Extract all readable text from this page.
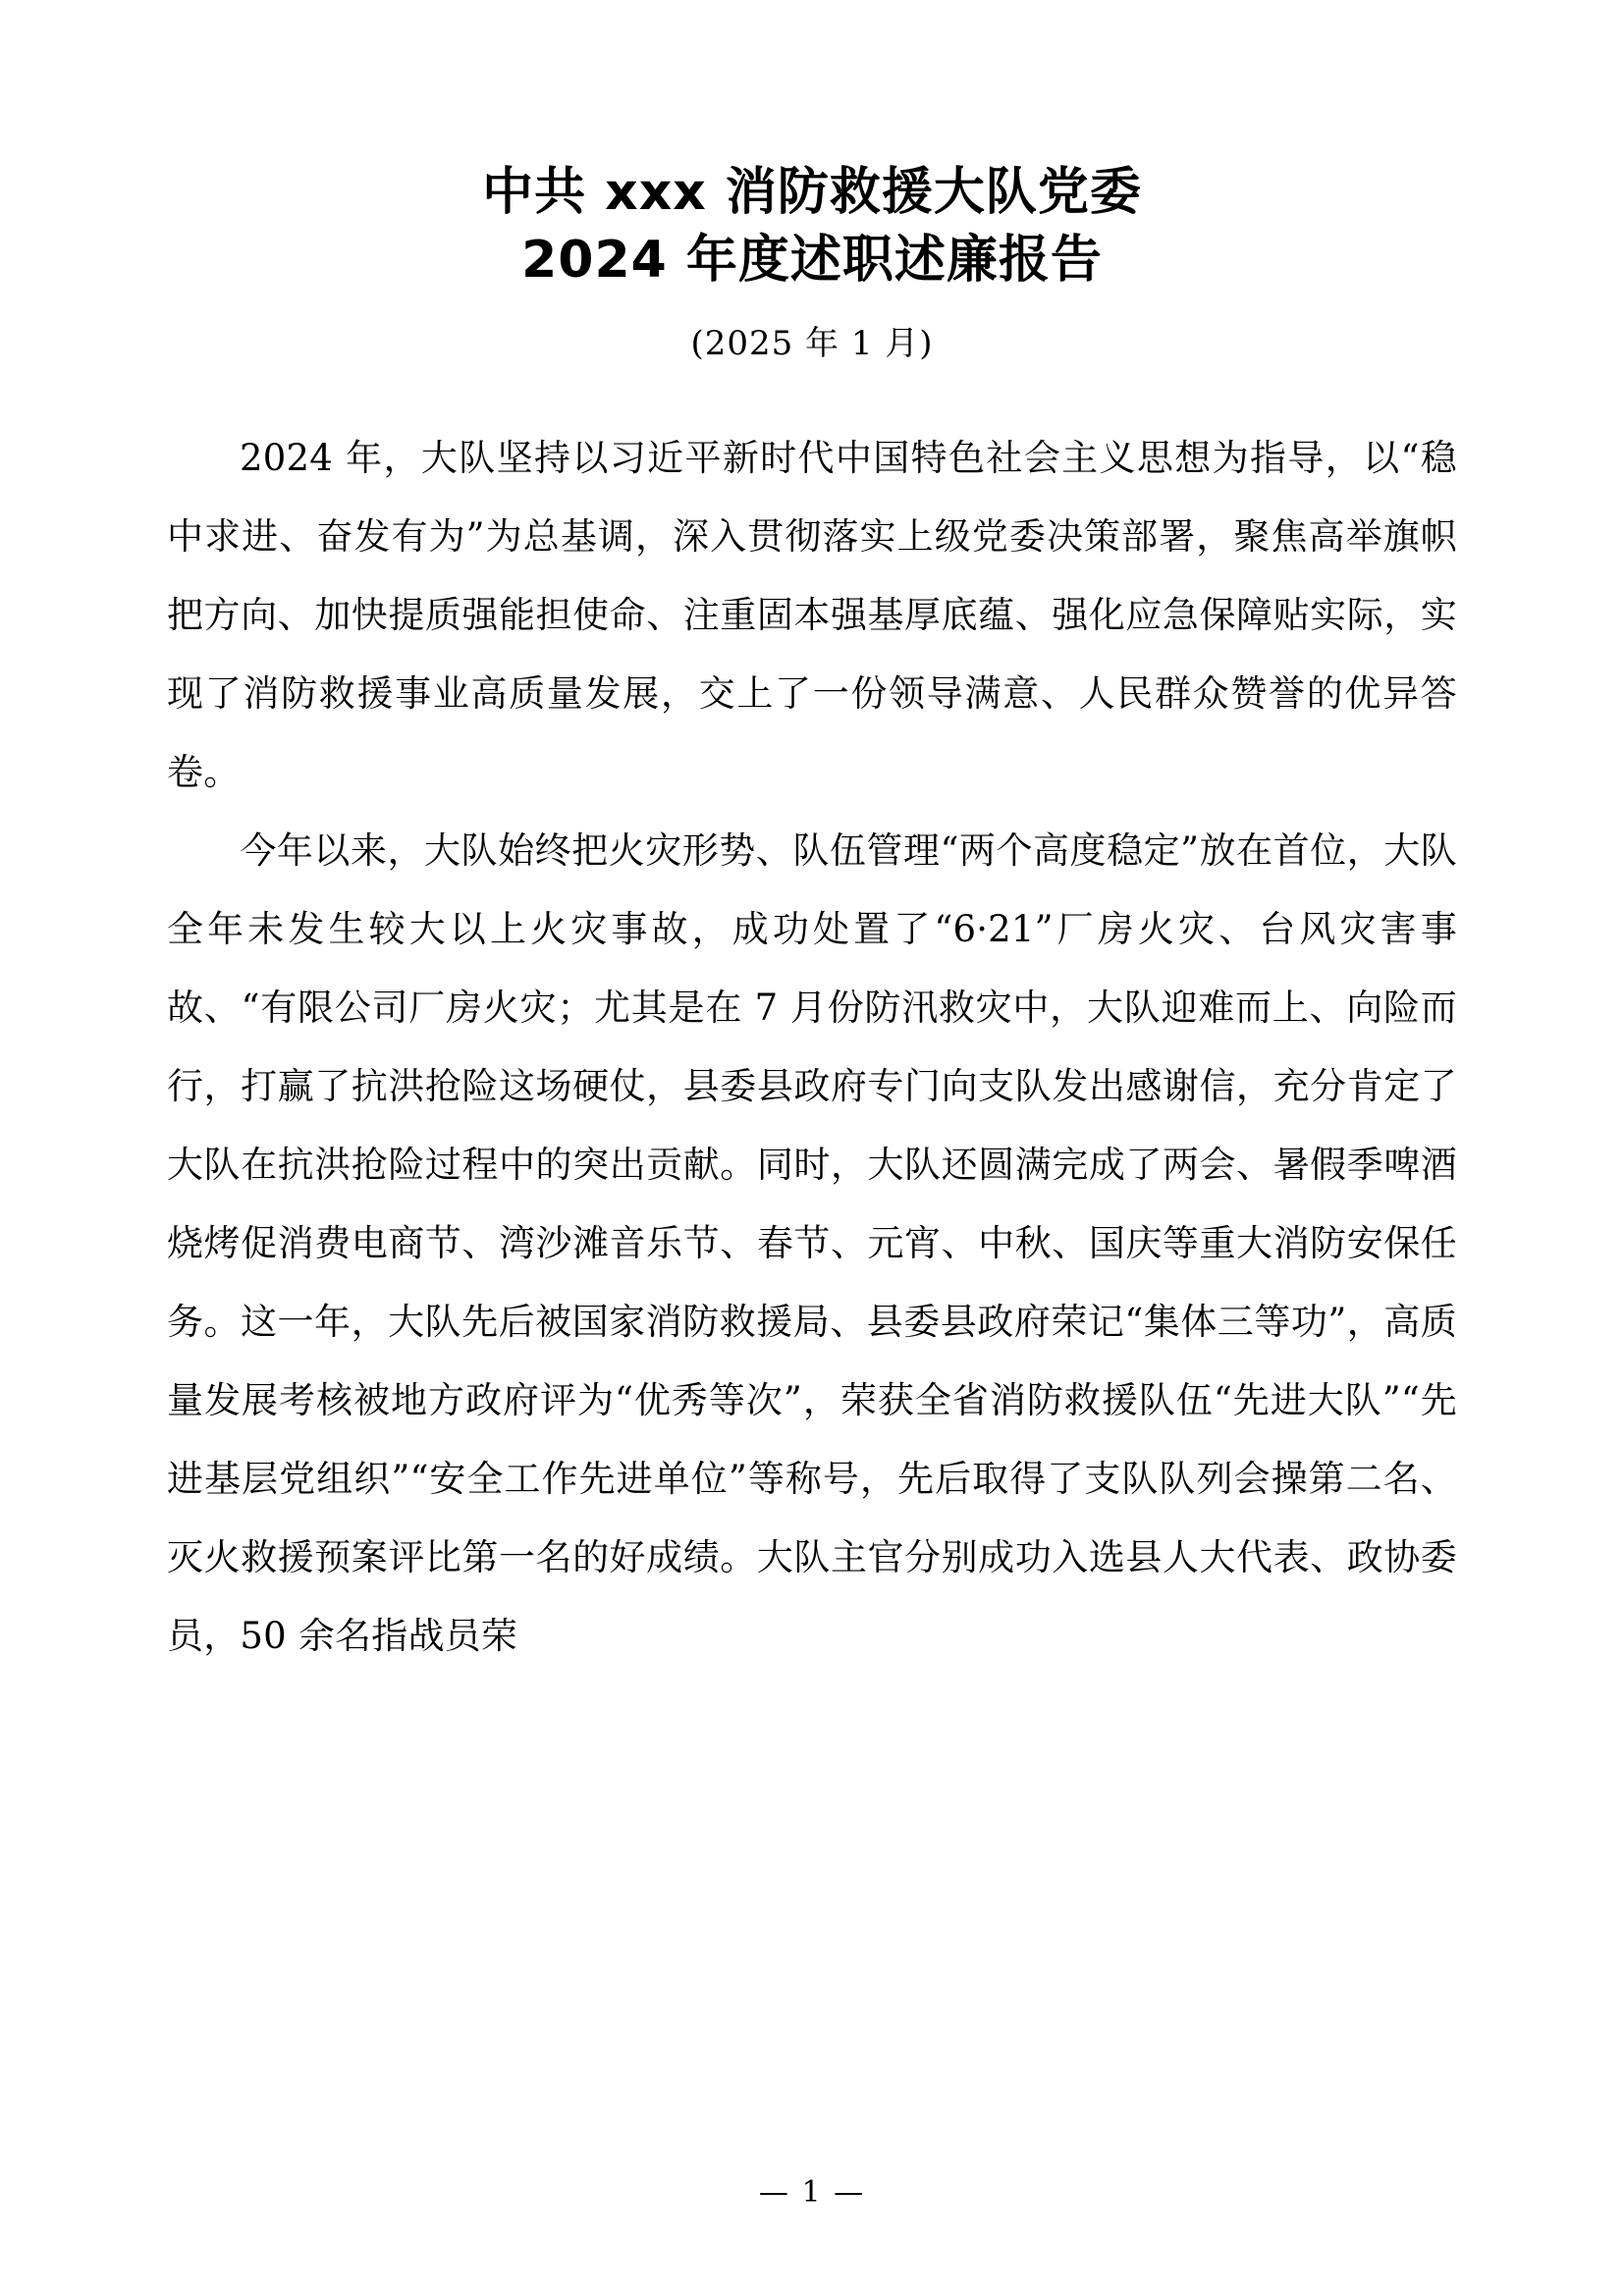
中共 xxx 消防救援大队党委
2024 年度述职述廉报告
(2025 年 1 月)

2024 年，大队坚持以习近平新时代中国特色社会主义思想为指导，以“稳中求进、奋发有为”为总基调，深入贯彻落实上级党委决策部署，聚焦高举旗帜把方向、加快提质强能担使命、注重固本强基厚底蕴、强化应急保障贴实际，实现了消防救援事业高质量发展，交上了一份领导满意、人民群众赞誉的优异答卷。

今年以来，大队始终把火灾形势、队伍管理“两个高度稳定”放在首位，大队全年未发生较大以上火灾事故，成功处置了“6·21”厂房火灾、台风灾害事故、“有限公司厂房火灾；尤其是在 7 月份防汛救灾中，大队迎难而上、向险而行，打赢了抗洪抢险这场硬仗，县委县政府专门向支队发出感谢信，充分肯定了大队在抗洪抢险过程中的突出贡献。同时，大队还圆满完成了两会、暑假季啤酒烧烤促消费电商节、湾沙滩音乐节、春节、元宵、中秋、国庆等重大消防安保任务。这一年，大队先后被国家消防救援局、县委县政府荣记“集体三等功”，高质量发展考核被地方政府评为“优秀等次”，荣获全省消防救援队伍“先进大队”“先进基层党组织”“安全工作先进单位”等称号，先后取得了支队队列会操第二名、灭火救援预案评比第一名的好成绩。大队主官分别成功入选县人大代表、政协委员，50 余名指战员荣

— 1 —
